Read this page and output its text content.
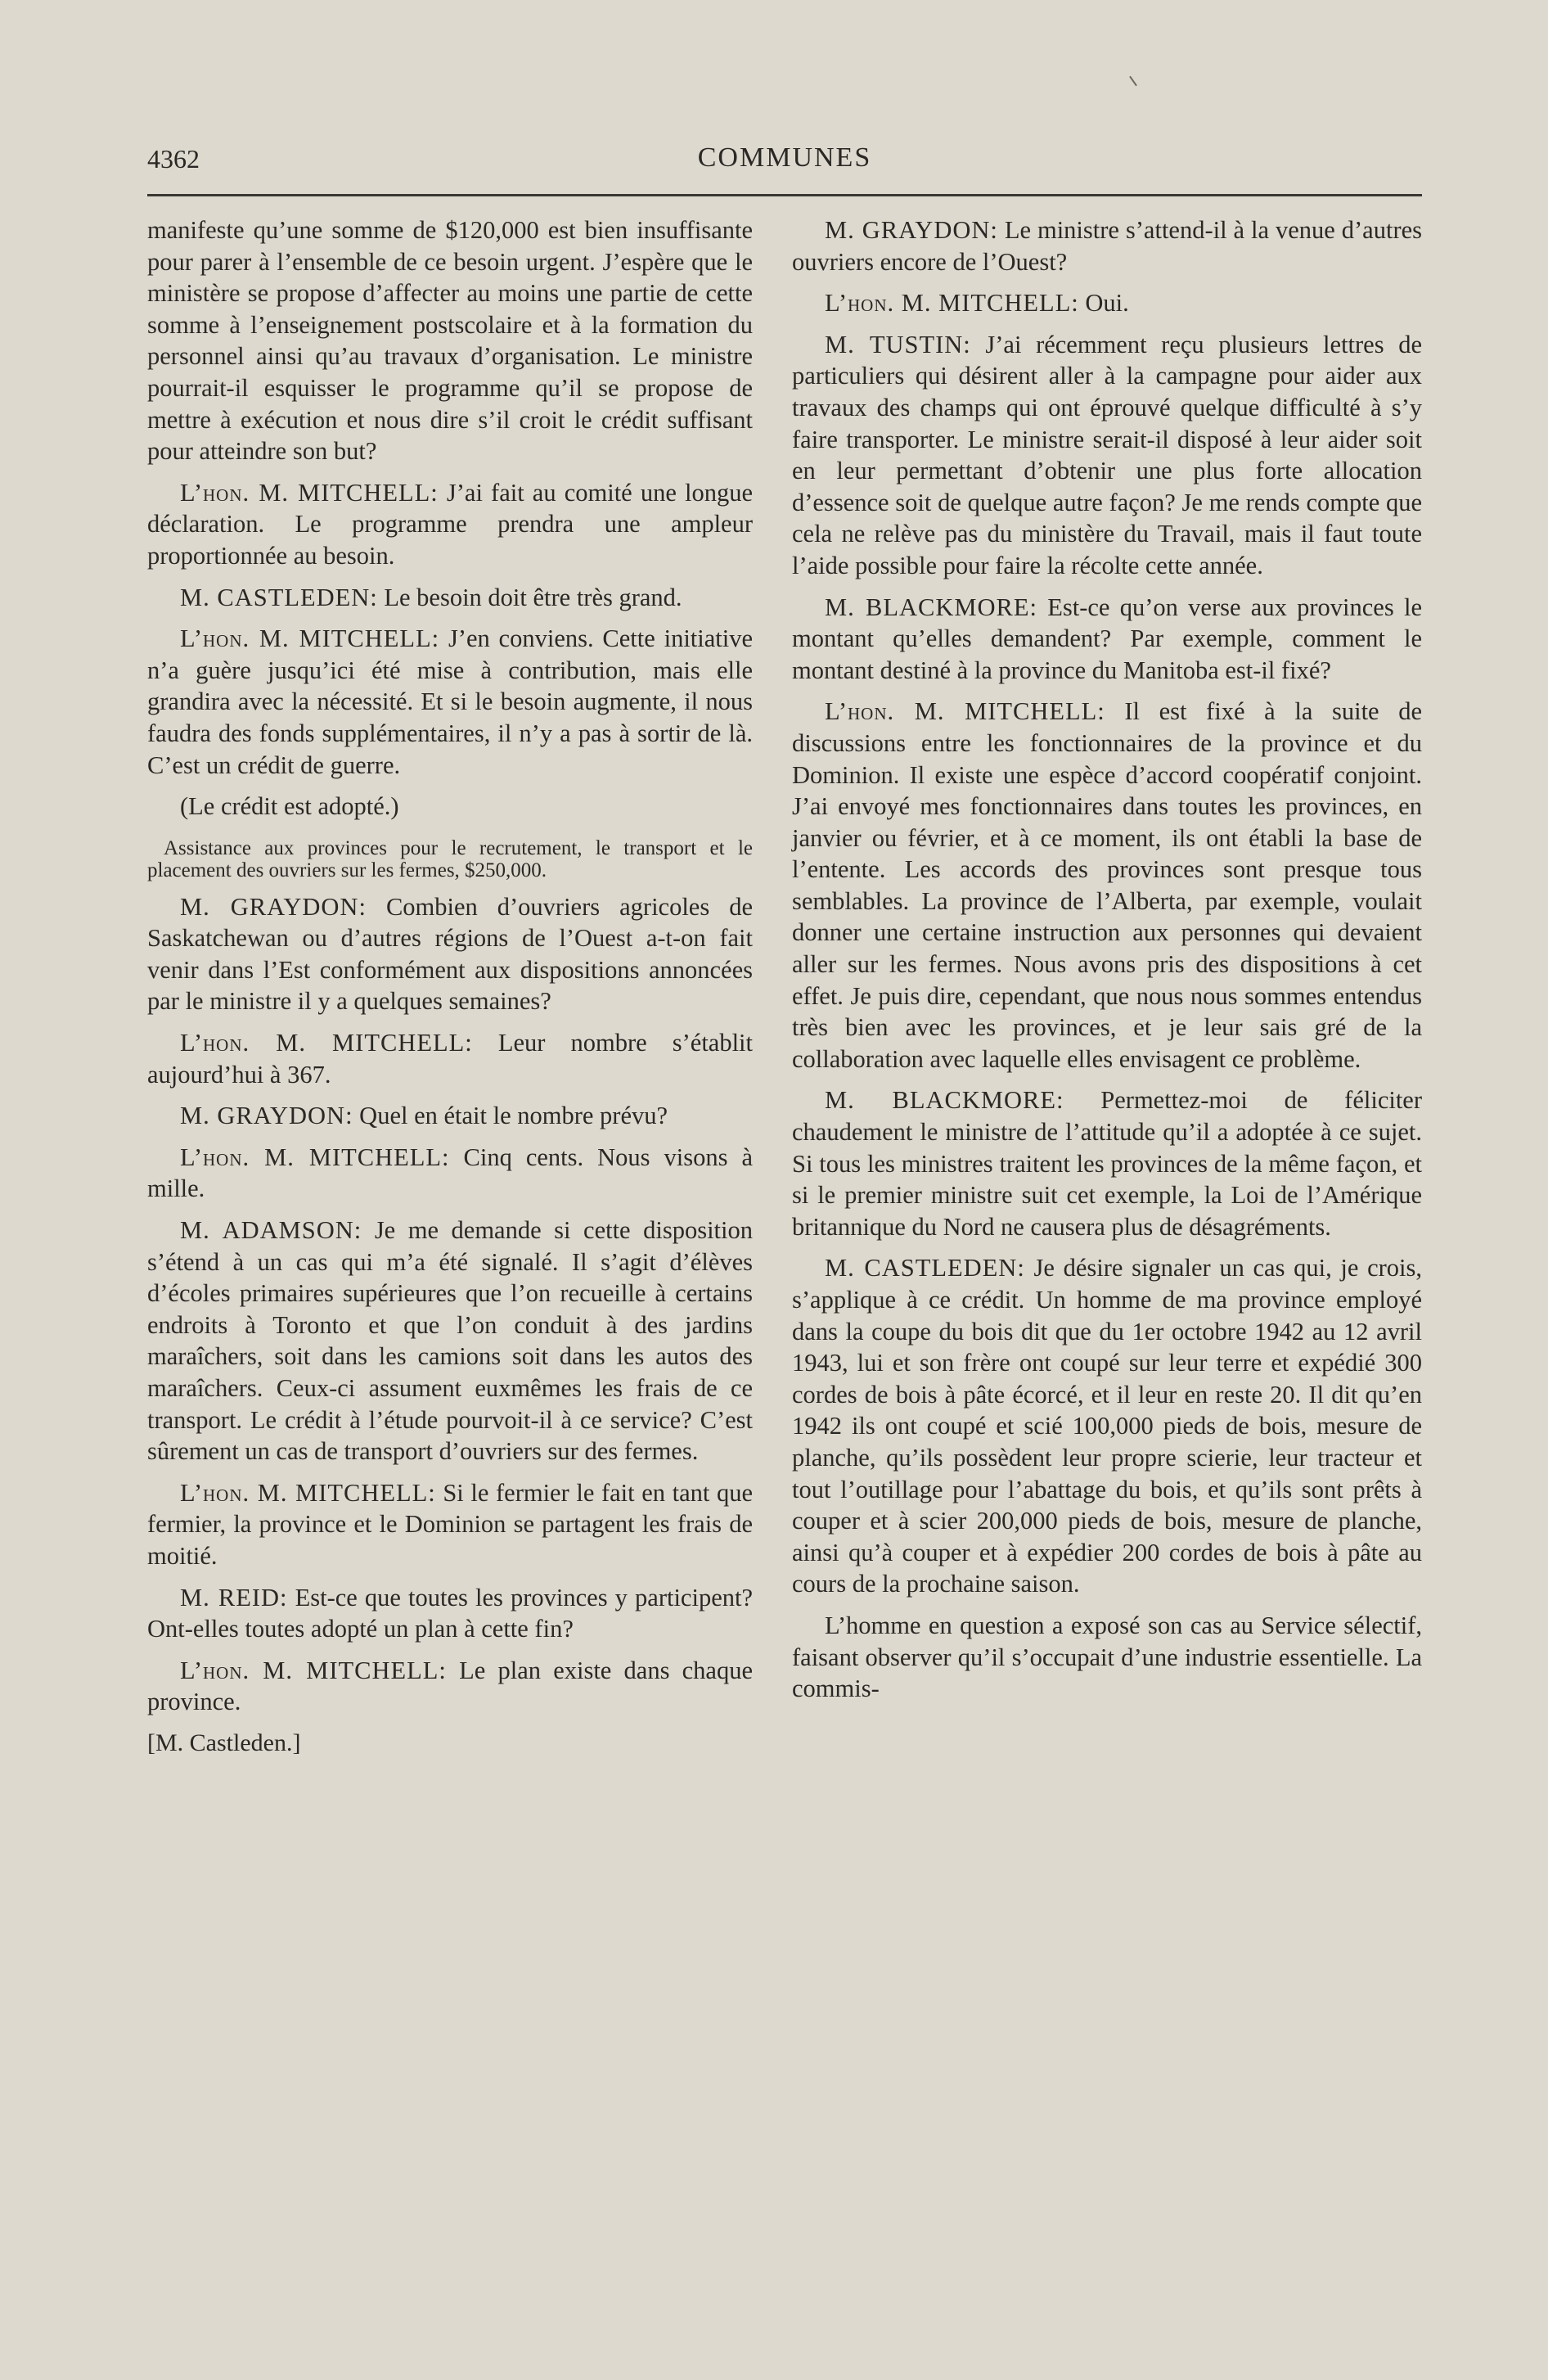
4362	COMMUNES

manifeste qu’une somme de $120,000 est bien insuffisante pour parer à l’ensemble de ce besoin urgent. J’espère que le ministère se propose d’affecter au moins une partie de cette somme à l’enseignement postscolaire et à la formation du personnel ainsi qu’au travaux d’organisation. Le ministre pourrait-il esquisser le programme qu’il se propose de mettre à exécution et nous dire s’il croit le crédit suffisant pour atteindre son but?

L’hon. M. MITCHELL: J’ai fait au comité une longue déclaration. Le programme prendra une ampleur proportionnée au besoin.

M. CASTLEDEN: Le besoin doit être très grand.

L’hon. M. MITCHELL: J’en conviens. Cette initiative n’a guère jusqu’ici été mise à contribution, mais elle grandira avec la nécessité. Et si le besoin augmente, il nous faudra des fonds supplémentaires, il n’y a pas à sortir de là. C’est un crédit de guerre.

(Le crédit est adopté.)

Assistance aux provinces pour le recrutement, le transport et le placement des ouvriers sur les fermes, $250,000.

M. GRAYDON: Combien d’ouvriers agricoles de Saskatchewan ou d’autres régions de l’Ouest a-t-on fait venir dans l’Est conformément aux dispositions annoncées par le ministre il y a quelques semaines?

L’hon. M. MITCHELL: Leur nombre s’établit aujourd’hui à 367.

M. GRAYDON: Quel en était le nombre prévu?

L’hon. M. MITCHELL: Cinq cents. Nous visons à mille.

M. ADAMSON: Je me demande si cette disposition s’étend à un cas qui m’a été signalé. Il s’agit d’élèves d’écoles primaires supérieures que l’on recueille à certains endroits à Toronto et que l’on conduit à des jardins maraîchers, soit dans les camions soit dans les autos des maraîchers. Ceux-ci assument euxmêmes les frais de ce transport. Le crédit à l’étude pourvoit-il à ce service? C’est sûrement un cas de transport d’ouvriers sur des fermes.

L’hon. M. MITCHELL: Si le fermier le fait en tant que fermier, la province et le Dominion se partagent les frais de moitié.

M. REID: Est-ce que toutes les provinces y participent? Ont-elles toutes adopté un plan à cette fin?

L’hon. M. MITCHELL: Le plan existe dans chaque province.

[M. Castleden.]

M. GRAYDON: Le ministre s’attend-il à la venue d’autres ouvriers encore de l’Ouest?

L’hon. M. MITCHELL: Oui.

M. TUSTIN: J’ai récemment reçu plusieurs lettres de particuliers qui désirent aller à la campagne pour aider aux travaux des champs qui ont éprouvé quelque difficulté à s’y faire transporter. Le ministre serait-il disposé à leur aider soit en leur permettant d’obtenir une plus forte allocation d’essence soit de quelque autre façon? Je me rends compte que cela ne relève pas du ministère du Travail, mais il faut toute l’aide possible pour faire la récolte cette année.

M. BLACKMORE: Est-ce qu’on verse aux provinces le montant qu’elles demandent? Par exemple, comment le montant destiné à la province du Manitoba est-il fixé?

L’hon. M. MITCHELL: Il est fixé à la suite de discussions entre les fonctionnaires de la province et du Dominion. Il existe une espèce d’accord coopératif conjoint. J’ai envoyé mes fonctionnaires dans toutes les provinces, en janvier ou février, et à ce moment, ils ont établi la base de l’entente. Les accords des provinces sont presque tous semblables. La province de l’Alberta, par exemple, voulait donner une certaine instruction aux personnes qui devaient aller sur les fermes. Nous avons pris des dispositions à cet effet. Je puis dire, cependant, que nous nous sommes entendus très bien avec les provinces, et je leur sais gré de la collaboration avec laquelle elles envisagent ce problème.

M. BLACKMORE: Permettez-moi de féliciter chaudement le ministre de l’attitude qu’il a adoptée à ce sujet. Si tous les ministres traitent les provinces de la même façon, et si le premier ministre suit cet exemple, la Loi de l’Amérique britannique du Nord ne causera plus de désagréments.

M. CASTLEDEN: Je désire signaler un cas qui, je crois, s’applique à ce crédit. Un homme de ma province employé dans la coupe du bois dit que du 1er octobre 1942 au 12 avril 1943, lui et son frère ont coupé sur leur terre et expédié 300 cordes de bois à pâte écorcé, et il leur en reste 20. Il dit qu’en 1942 ils ont coupé et scié 100,000 pieds de bois, mesure de planche, qu’ils possèdent leur propre scierie, leur tracteur et tout l’outillage pour l’abattage du bois, et qu’ils sont prêts à couper et à scier 200,000 pieds de bois, mesure de planche, ainsi qu’à couper et à expédier 200 cordes de bois à pâte au cours de la prochaine saison.

L’homme en question a exposé son cas au Service sélectif, faisant observer qu’il s’occupait d’une industrie essentielle. La commis-
